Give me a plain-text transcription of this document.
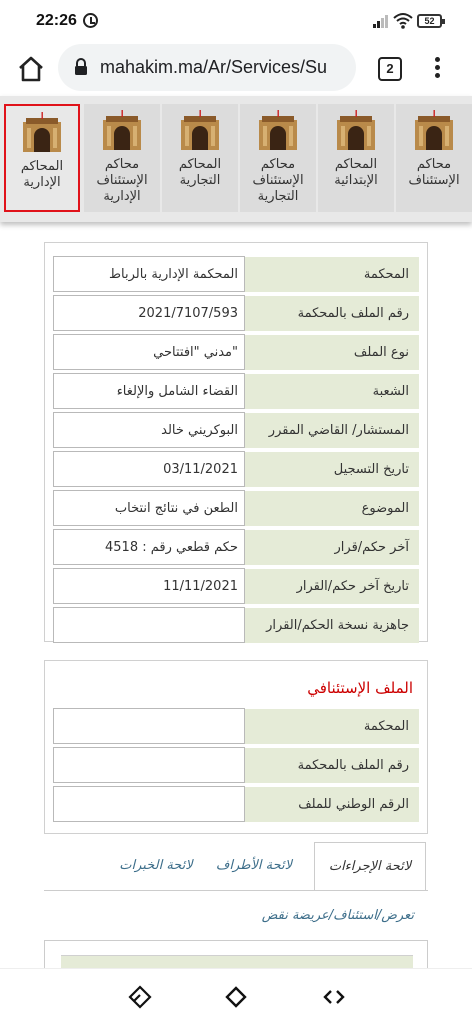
22:26	52
mahakim.ma/Ar/Services/Su	2
محاكم الإستئناف
المحاكم الإبتدائية
محاكم الإستئناف التجارية
المحاكم التجارية
محاكم الإستئناف الإدارية
المحاكم الإدارية
المحكمة الإدارية بالرباط	المحكمة
2021/7107/593	رقم الملف بالمحكمة
مدني "افتتاحي"	نوع الملف
القضاء الشامل والإلغاء	الشعبة
البوكريني خالد	المستشار/ القاضي المقرر
03/11/2021	تاريخ التسجيل
الطعن في نتائج انتخاب	الموضوع
حكم قطعي رقم : 4518	آخر حكم/قرار
11/11/2021	تاريخ آخر حكم/القرار
	جاهزية نسخة الحكم/القرار
الملف الإستئنافي
	المحكمة
	رقم الملف بالمحكمة
	الرقم الوطني للملف
لائحة الإجراءات
لائحة الأطراف
لائحة الخبرات
تعرض/استئناف/عريضة نقض
